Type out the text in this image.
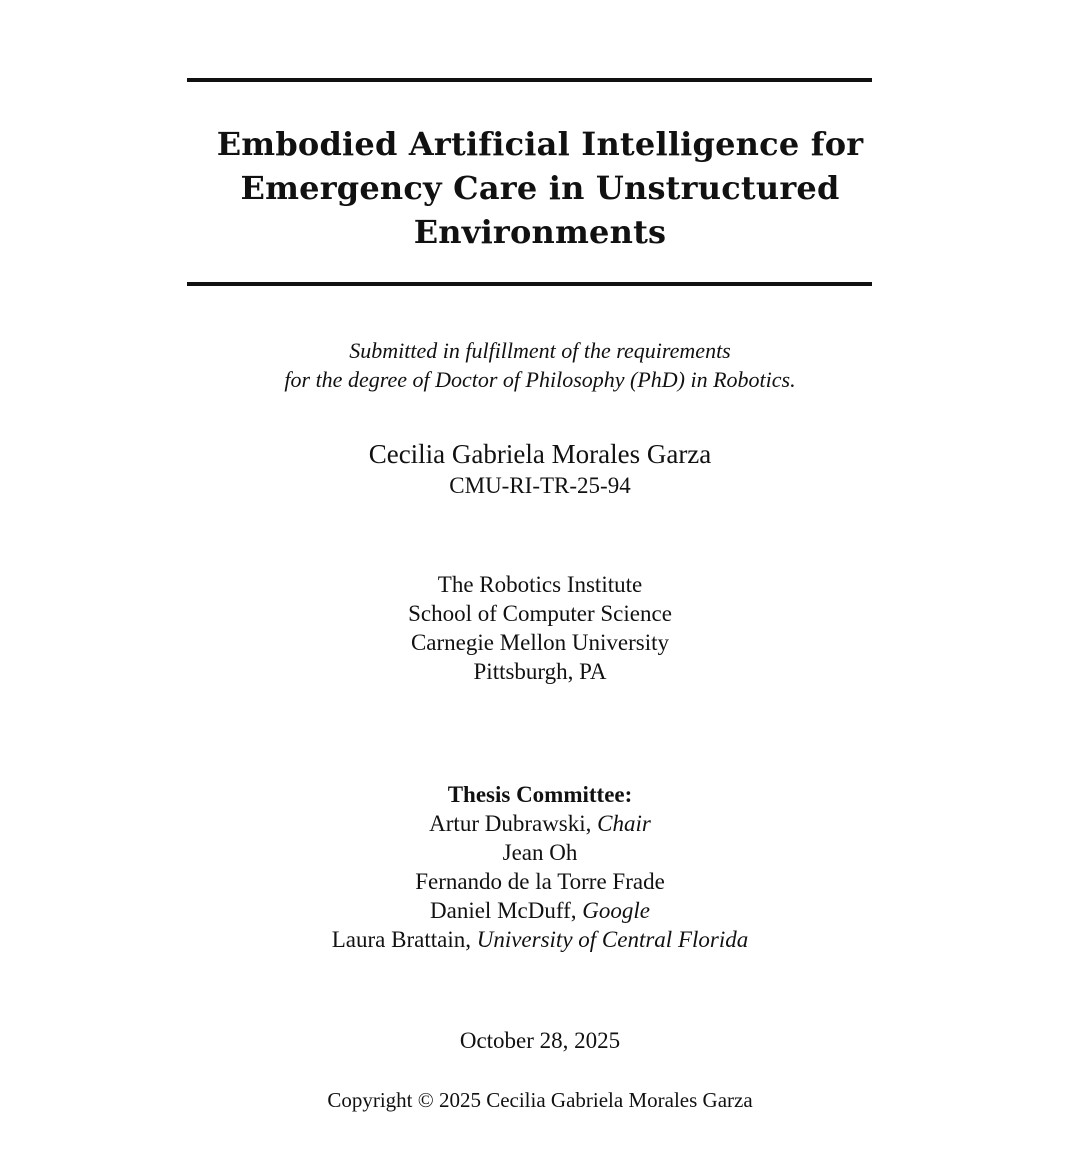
Embodied Artificial Intelligence for
Emergency Care in Unstructured
Environments
Submitted in fulfillment of the requirements
for the degree of Doctor of Philosophy (PhD) in Robotics.
Cecilia Gabriela Morales Garza
CMU-RI-TR-25-94
The Robotics Institute
School of Computer Science
Carnegie Mellon University
Pittsburgh, PA
Thesis Committee:
Artur Dubrawski, Chair
Jean Oh
Fernando de la Torre Frade
Daniel McDuff, Google
Laura Brattain, University of Central Florida
October 28, 2025
Copyright © 2025 Cecilia Gabriela Morales Garza
